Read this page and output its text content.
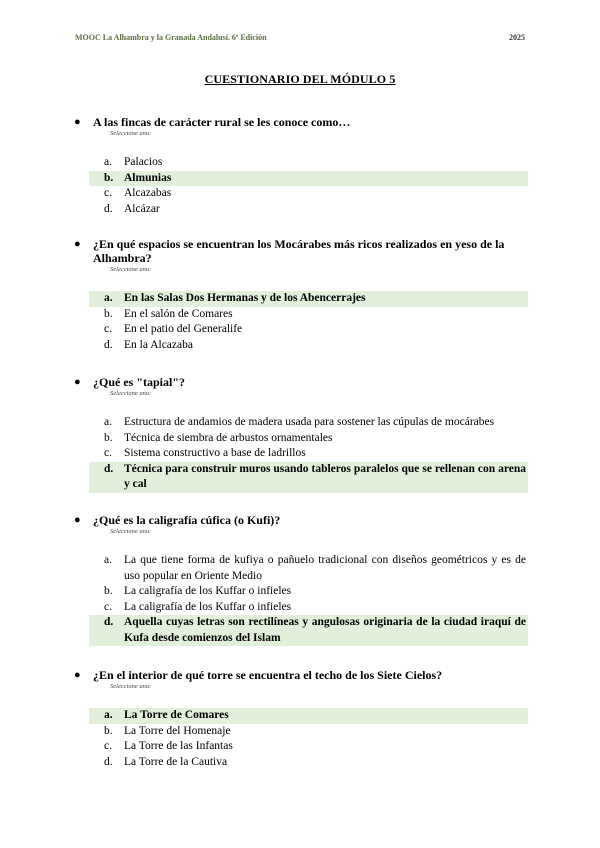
MOOC La Alhambra y la Granada Andalusí. 6ª Edición	2025
CUESTIONARIO DEL MÓDULO 5
● A las fincas de carácter rural se les conoce como…
Seleccione una:
a. Palacios
b. Almunias
c. Alcazabas
d. Alcázar
● ¿En qué espacios se encuentran los Mocárabes más ricos realizados en yeso de la Alhambra?
Seleccione una:
a. En las Salas Dos Hermanas y de los Abencerrajes
b. En el salón de Comares
c. En el patio del Generalife
d. En la Alcazaba
● ¿Qué es "tapial"?
Seleccione una:
a. Estructura de andamios de madera usada para sostener las cúpulas de mocárabes
b. Técnica de siembra de arbustos ornamentales
c. Sistema constructivo a base de ladrillos
d. Técnica para construir muros usando tableros paralelos que se rellenan con arena y cal
● ¿Qué es la caligrafía cúfica (o Kufi)?
Seleccione una:
a. La que tiene forma de kufiya o pañuelo tradicional con diseños geométricos y es de uso popular en Oriente Medio
b. La caligrafía de los Kuffar o infieles
c. La caligrafía de los Kuffar o infieles
d. Aquella cuyas letras son rectilíneas y angulosas originaria de la ciudad iraquí de Kufa desde comienzos del Islam
● ¿En el interior de qué torre se encuentra el techo de los Siete Cielos?
Seleccione una:
a. La Torre de Comares
b. La Torre del Homenaje
c. La Torre de las Infantas
d. La Torre de la Cautiva
